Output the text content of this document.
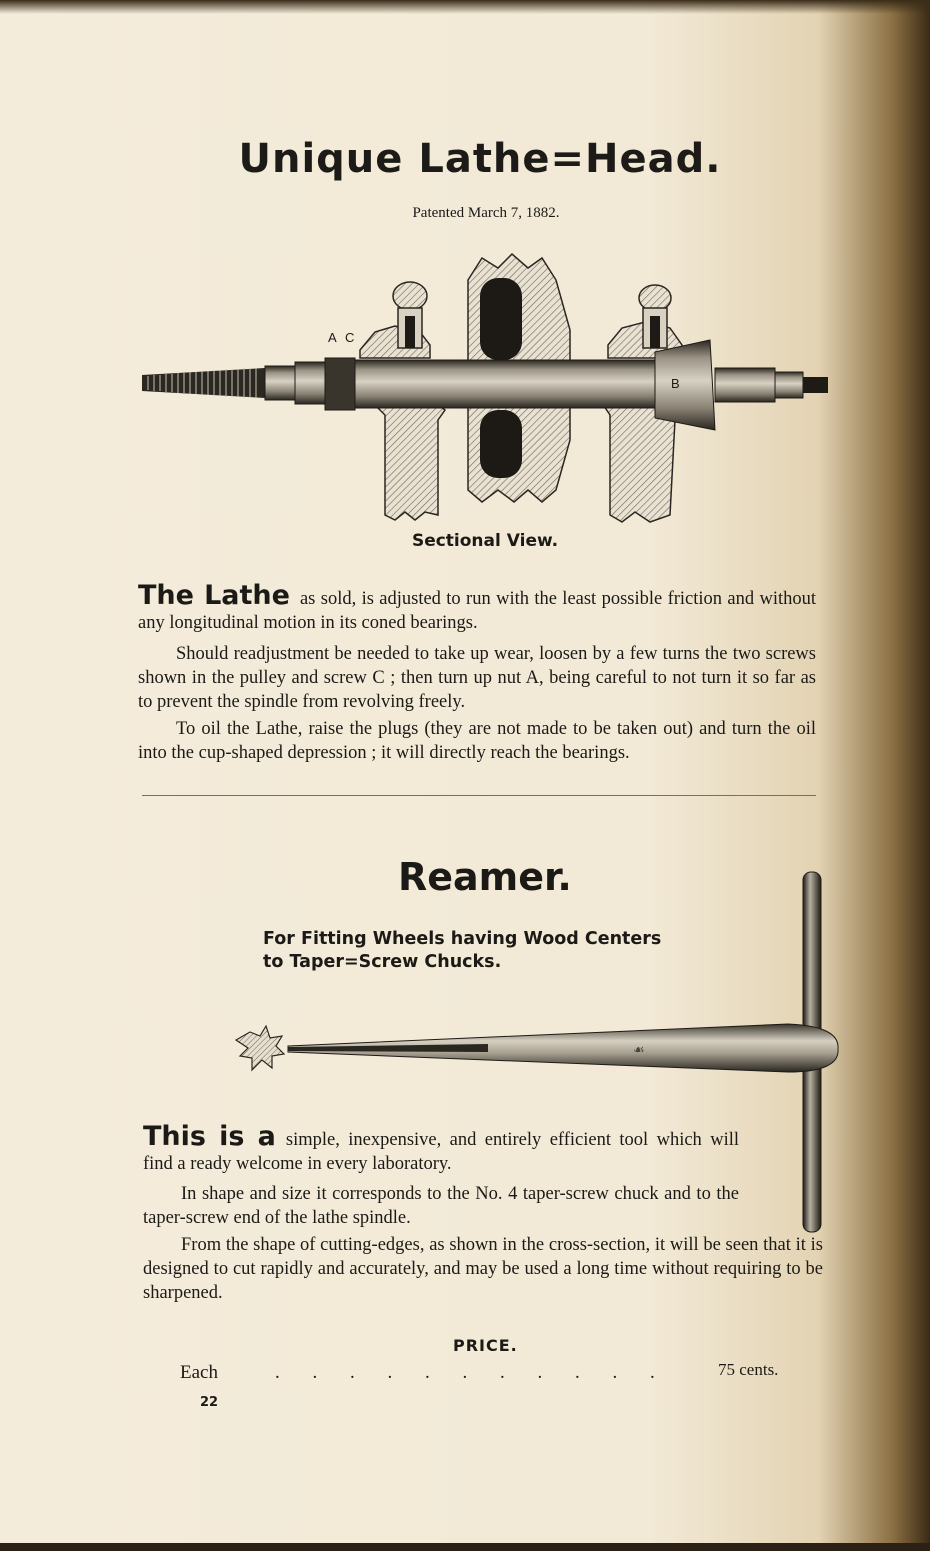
Unique Lathe=Head.
Patented March 7, 1882.
A C
B
Sectional View.
The Lathe as sold, is adjusted to run with the least possible friction and without any longitudinal motion in its coned bearings.
Should readjustment be needed to take up wear, loosen by a few turns the two screws shown in the pulley and screw C ; then turn up nut A, being careful to not turn it so far as to prevent the spindle from revolving freely.
To oil the Lathe, raise the plugs (they are not made to be taken out) and turn the oil into the cup-shaped depression ; it will directly reach the bearings.
Reamer.
For Fitting Wheels having Wood Centers
to Taper=Screw Chucks.
☙
This is a simple, inexpensive, and entirely efficient tool which will find a ready welcome in every laboratory.
In shape and size it corresponds to the No. 4 taper-screw chuck and to the taper-screw end of the lathe spindle.
From the shape of cutting-edges, as shown in the cross-section, it will be seen that it is designed to cut rapidly and accurately, and may be used a long time without requiring to be sharpened.
PRICE.
Each	. . . . . . . . . . .	75 cents.
22
